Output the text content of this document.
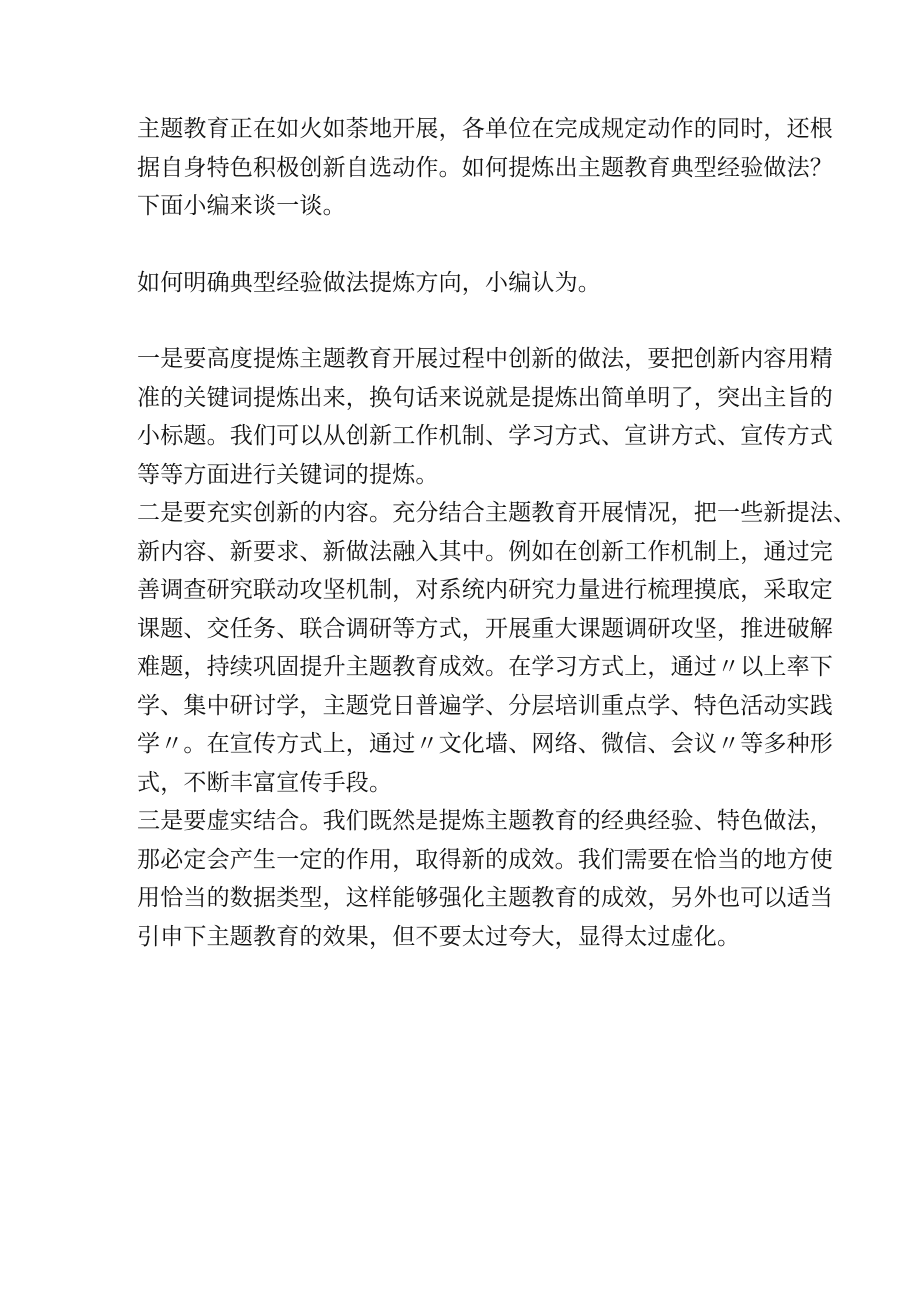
主题教育正在如火如荼地开展，各单位在完成规定动作的同时，还根
据自身特色积极创新自选动作。如何提炼出主题教育典型经验做法？
下面小编来谈一谈。

如何明确典型经验做法提炼方向，小编认为。

一是要高度提炼主题教育开展过程中创新的做法，要把创新内容用精
准的关键词提炼出来，换句话来说就是提炼出简单明了，突出主旨的
小标题。我们可以从创新工作机制、学习方式、宣讲方式、宣传方式
等等方面进行关键词的提炼。

二是要充实创新的内容。充分结合主题教育开展情况，把一些新提法、
新内容、新要求、新做法融入其中。例如在创新工作机制上，通过完
善调查研究联动攻坚机制，对系统内研究力量进行梳理摸底，采取定
课题、交任务、联合调研等方式，开展重大课题调研攻坚，推进破解
难题，持续巩固提升主题教育成效。在学习方式上，通过〃以上率下
学、集中研讨学，主题党日普遍学、分层培训重点学、特色活动实践
学〃。在宣传方式上，通过〃文化墙、网络、微信、会议〃等多种形
式，不断丰富宣传手段。

三是要虚实结合。我们既然是提炼主题教育的经典经验、特色做法，
那必定会产生一定的作用，取得新的成效。我们需要在恰当的地方使
用恰当的数据类型，这样能够强化主题教育的成效，另外也可以适当
引申下主题教育的效果，但不要太过夸大，显得太过虚化。
